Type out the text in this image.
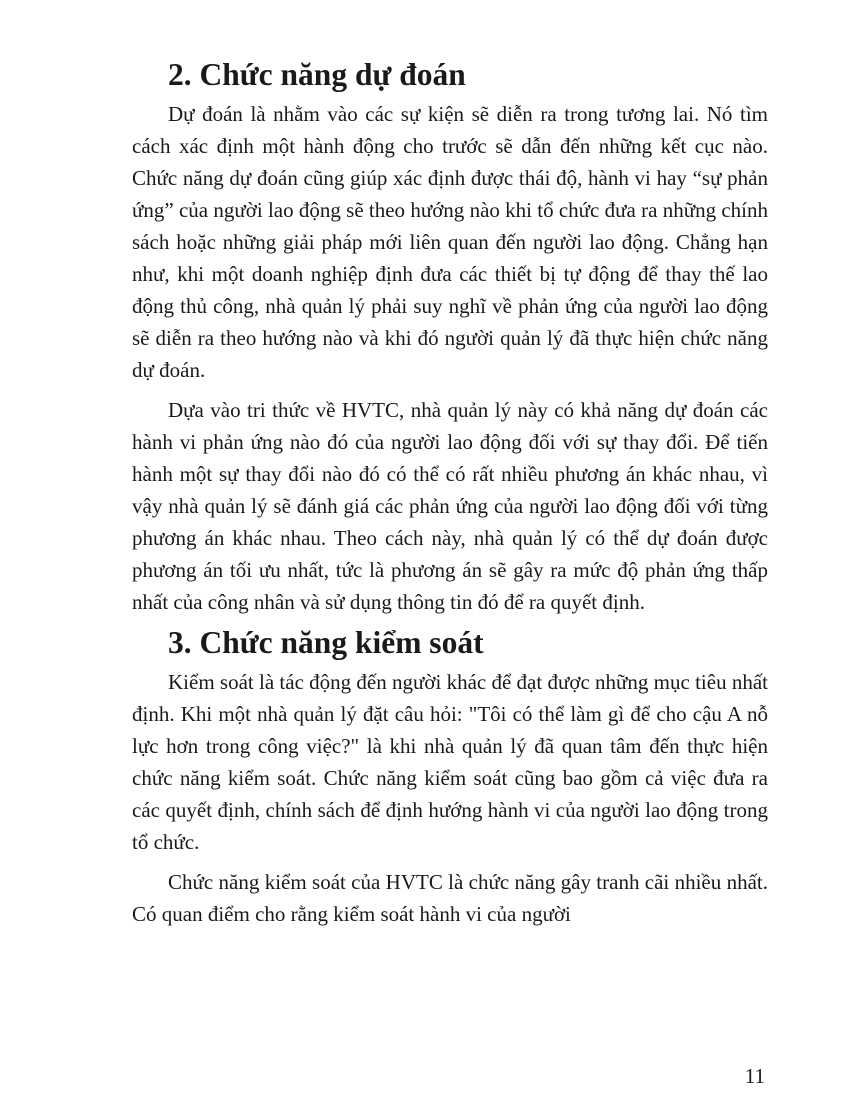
2. Chức năng dự đoán

Dự đoán là nhằm vào các sự kiện sẽ diễn ra trong tương lai. Nó tìm cách xác định một hành động cho trước sẽ dẫn đến những kết cục nào. Chức năng dự đoán cũng giúp xác định được thái độ, hành vi hay “sự phản ứng” của người lao động sẽ theo hướng nào khi tổ chức đưa ra những chính sách hoặc những giải pháp mới liên quan đến người lao động. Chẳng hạn như, khi một doanh nghiệp định đưa các thiết bị tự động để thay thế lao động thủ công, nhà quản lý phải suy nghĩ về phản ứng của người lao động sẽ diễn ra theo hướng nào và khi đó người quản lý đã thực hiện chức năng dự đoán.

Dựa vào tri thức về HVTC, nhà quản lý này có khả năng dự đoán các hành vi phản ứng nào đó của người lao động đối với sự thay đổi. Để tiến hành một sự thay đổi nào đó có thể có rất nhiều phương án khác nhau, vì vậy nhà quản lý sẽ đánh giá các phản ứng của người lao động đối với từng phương án khác nhau. Theo cách này, nhà quản lý có thể dự đoán được phương án tối ưu nhất, tức là phương án sẽ gây ra mức độ phản ứng thấp nhất của công nhân và sử dụng thông tin đó để ra quyết định.

3. Chức năng kiểm soát

Kiểm soát là tác động đến người khác để đạt được những mục tiêu nhất định. Khi một nhà quản lý đặt câu hỏi: "Tôi có thể làm gì để cho cậu A nỗ lực hơn trong công việc?" là khi nhà quản lý đã quan tâm đến thực hiện chức năng kiểm soát. Chức năng kiểm soát cũng bao gồm cả việc đưa ra các quyết định, chính sách để định hướng hành vi của người lao động trong tổ chức.

Chức năng kiểm soát của HVTC là chức năng gây tranh cãi nhiều nhất. Có quan điểm cho rằng kiểm soát hành vi của người

11
